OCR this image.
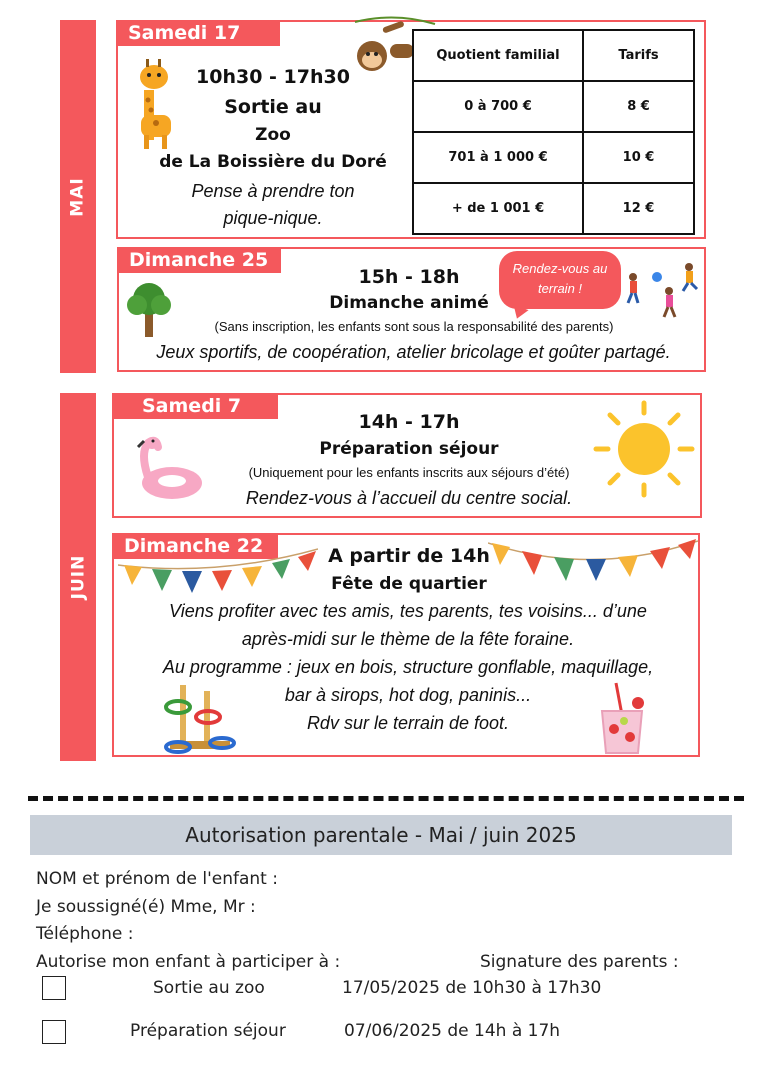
MAI
JUIN
Samedi 17
10h30 - 17h30
Sortie au
Zoo
de La Boissière du Doré
Pense à prendre ton
pique-nique.
Quotient familial	Tarifs
0 à 700 €	8 €
701 à 1 000 €	10 €
+ de 1 001 €	12 €
Dimanche 25
15h - 18h
Dimanche animé
(Sans inscription, les enfants sont sous la responsabilité des parents)
Jeux sportifs, de coopération, atelier bricolage et goûter partagé.
Rendez-vous au
terrain !
Samedi 7
14h - 17h
Préparation séjour
(Uniquement pour les enfants inscrits aux séjours d’été)
Rendez-vous à l’accueil du centre social.
Dimanche 22	A partir de 14h
Fête de quartier
Viens profiter avec tes amis, tes parents, tes voisins... d’une
après-midi sur le thème de la fête foraine.
Au programme : jeux en bois, structure gonflable, maquillage,
bar à sirops, hot dog, paninis...
Rdv sur le terrain de foot.
Autorisation parentale - Mai / juin 2025
NOM et prénom de l'enfant :
Je soussigné(é) Mme, Mr :
Téléphone :
Autorise mon enfant à participer à :	Signature des parents :
Sortie au zoo	17/05/2025 de 10h30 à 17h30
Préparation séjour	07/06/2025 de 14h à 17h
